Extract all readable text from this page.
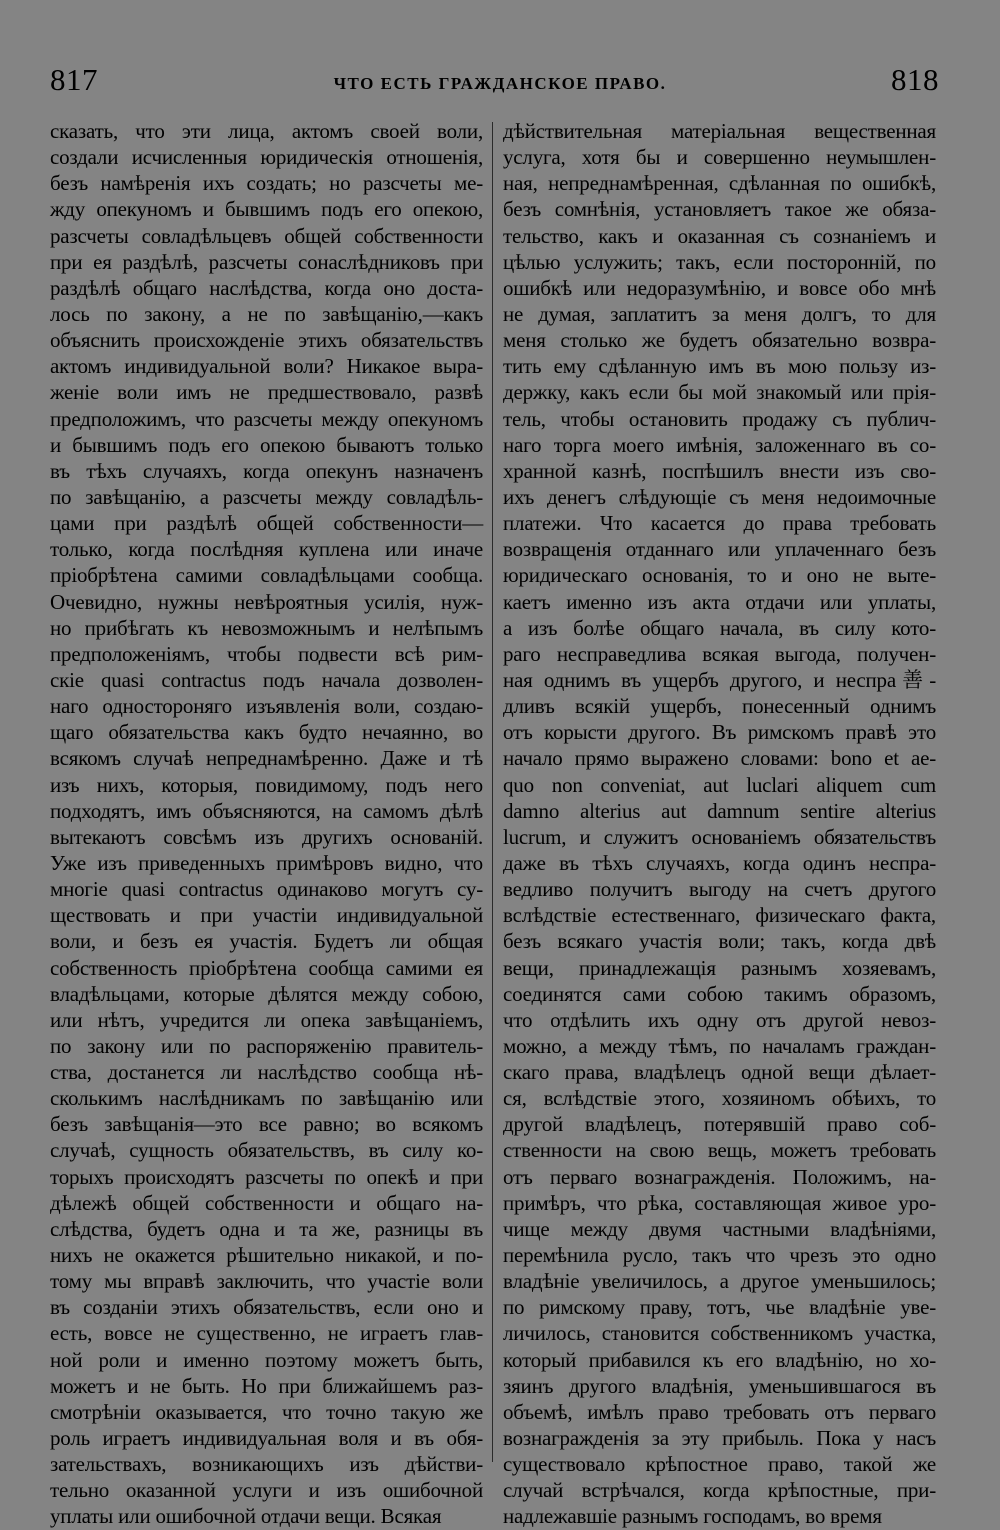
817	ЧТО ЕСТЬ ГРАЖДАНСКОЕ ПРАВО.	818
сказать, что эти лица, актомъ своей воли,
создали исчисленныя юридическія отношенія,
безъ намѣренія ихъ создать; но разсчеты ме-
жду опекуномъ и бывшимъ подъ его опекою,
разсчеты совладѣльцевъ общей собственности
при ея раздѣлѣ, разсчеты сонаслѣдниковъ при
раздѣлѣ общаго наслѣдства, когда оно доста-
лось по закону, а не по завѣщанію,—какъ
объяснить происхожденіе этихъ обязательствъ
актомъ индивидуальной воли? Никакое выра-
женіе воли имъ не предшествовало, развѣ
предположимъ, что разсчеты между опекуномъ
и бывшимъ подъ его опекою бываютъ только
въ тѣхъ случаяхъ, когда опекунъ назначенъ
по завѣщанію, а разсчеты между совладѣль-
цами при раздѣлѣ общей собственности—
только, когда послѣдняя куплена или иначе
пріобрѣтена самими совладѣльцами сообща.
Очевидно, нужны невѣроятныя усилія, нуж-
но прибѣгать къ невозможнымъ и нелѣпымъ
предположеніямъ, чтобы подвести всѣ рим-
скіе quasi contractus подъ начала дозволен-
наго одностороняго изъявленія воли, создаю-
щаго обязательства какъ будто нечаянно, во
всякомъ случаѣ непреднамѣренно. Даже и тѣ
изъ нихъ, которыя, повидимому, подъ него
подходятъ, имъ объясняются, на самомъ дѣлѣ
вытекаютъ совсѣмъ изъ другихъ основаній.
Уже изъ приведенныхъ примѣровъ видно, что
многіе quasi contractus одинаково могутъ су-
ществовать и при участіи индивидуальной
воли, и безъ ея участія. Будетъ ли общая
собственность пріобрѣтена сообща самими ея
владѣльцами, которые дѣлятся между собою,
или нѣтъ, учредится ли опека завѣщаніемъ,
по закону или по распоряженію правитель-
ства, достанется ли наслѣдство сообща нѣ-
сколькимъ наслѣдникамъ по завѣщанію или
безъ завѣщанія—это все равно; во всякомъ
случаѣ, сущность обязательствъ, въ силу ко-
торыхъ происходятъ разсчеты по опекѣ и при
дѣлежѣ общей собственности и общаго на-
слѣдства, будетъ одна и та же, разницы въ
нихъ не окажется рѣшительно никакой, и по-
тому мы вправѣ заключить, что участіе воли
въ созданіи этихъ обязательствъ, если оно и
есть, вовсе не существенно, не играетъ глав-
ной роли и именно поэтому можетъ быть,
можетъ и не быть. Но при ближайшемъ раз-
смотрѣніи оказывается, что точно такую же
роль играетъ индивидуальная воля и въ обя-
зательствахъ, возникающихъ изъ дѣйстви-
тельно оказанной услуги и изъ ошибочной
уплаты или ошибочной отдачи вещи. Всякая
дѣйствительная матеріальная вещественная
услуга, хотя бы и совершенно неумышлен-
ная, непреднамѣренная, сдѣланная по ошибкѣ,
безъ сомнѣнія, установляетъ такое же обяза-
тельство, какъ и оказанная съ сознаніемъ и
цѣлью услужить; такъ, если посторонній, по
ошибкѣ или недоразумѣнію, и вовсе обо мнѣ
не думая, заплатитъ за меня долгъ, то для
меня столько же будетъ обязательно возвра-
тить ему сдѣланную имъ въ мою пользу из-
держку, какъ если бы мой знакомый или прія-
тель, чтобы остановить продажу съ публич-
наго торга моего имѣнія, заложеннаго въ со-
хранной казнѣ, поспѣшилъ внести изъ сво-
ихъ денегъ слѣдующіе съ меня недоимочные
платежи. Что касается до права требовать
возвращенія отданнаго или уплаченнаго безъ
юридическаго основанія, то и оно не выте-
каетъ именно изъ акта отдачи или уплаты,
а изъ болѣе общаго начала, въ силу кото-
раго несправедлива всякая выгода, получен-
ная однимъ въ ущербъ другого, и неспра善-
дливъ всякій ущербъ, понесенный однимъ
отъ корысти другого. Въ римскомъ правѣ это
начало прямо выражено словами: bono et ae-
quo non conveniat, aut luclari aliquem cum
damno alterius aut damnum sentire alterius
lucrum, и служитъ основаніемъ обязательствъ
даже въ тѣхъ случаяхъ, когда одинъ неспра-
ведливо получитъ выгоду на счетъ другого
вслѣдствіе естественнаго, физическаго факта,
безъ всякаго участія воли; такъ, когда двѣ
вещи, принадлежащія разнымъ хозяевамъ,
соединятся сами собою такимъ образомъ,
что отдѣлить ихъ одну отъ другой невоз-
можно, а между тѣмъ, по началамъ граждан-
скаго права, владѣлецъ одной вещи дѣлает-
ся, вслѣдствіе этого, хозяиномъ обѣихъ, то
другой владѣлецъ, потерявшій право соб-
ственности на свою вещь, можетъ требовать
отъ перваго вознагражденія. Положимъ, на-
примѣръ, что рѣка, составляющая живое уро-
чище между двумя частными владѣніями,
перемѣнила русло, такъ что чрезъ это одно
владѣніе увеличилось, а другое уменьшилось;
по римскому праву, тотъ, чье владѣніе уве-
личилось, становится собственникомъ участка,
который прибавился къ его владѣнію, но хо-
зяинъ другого владѣнія, уменьшившагося въ
объемѣ, имѣлъ право требовать отъ перваго
вознагражденія за эту прибыль. Пока у насъ
существовало крѣпостное право, такой же
случай встрѣчался, когда крѣпостные, при-
надлежавшіе разнымъ господамъ, во время
